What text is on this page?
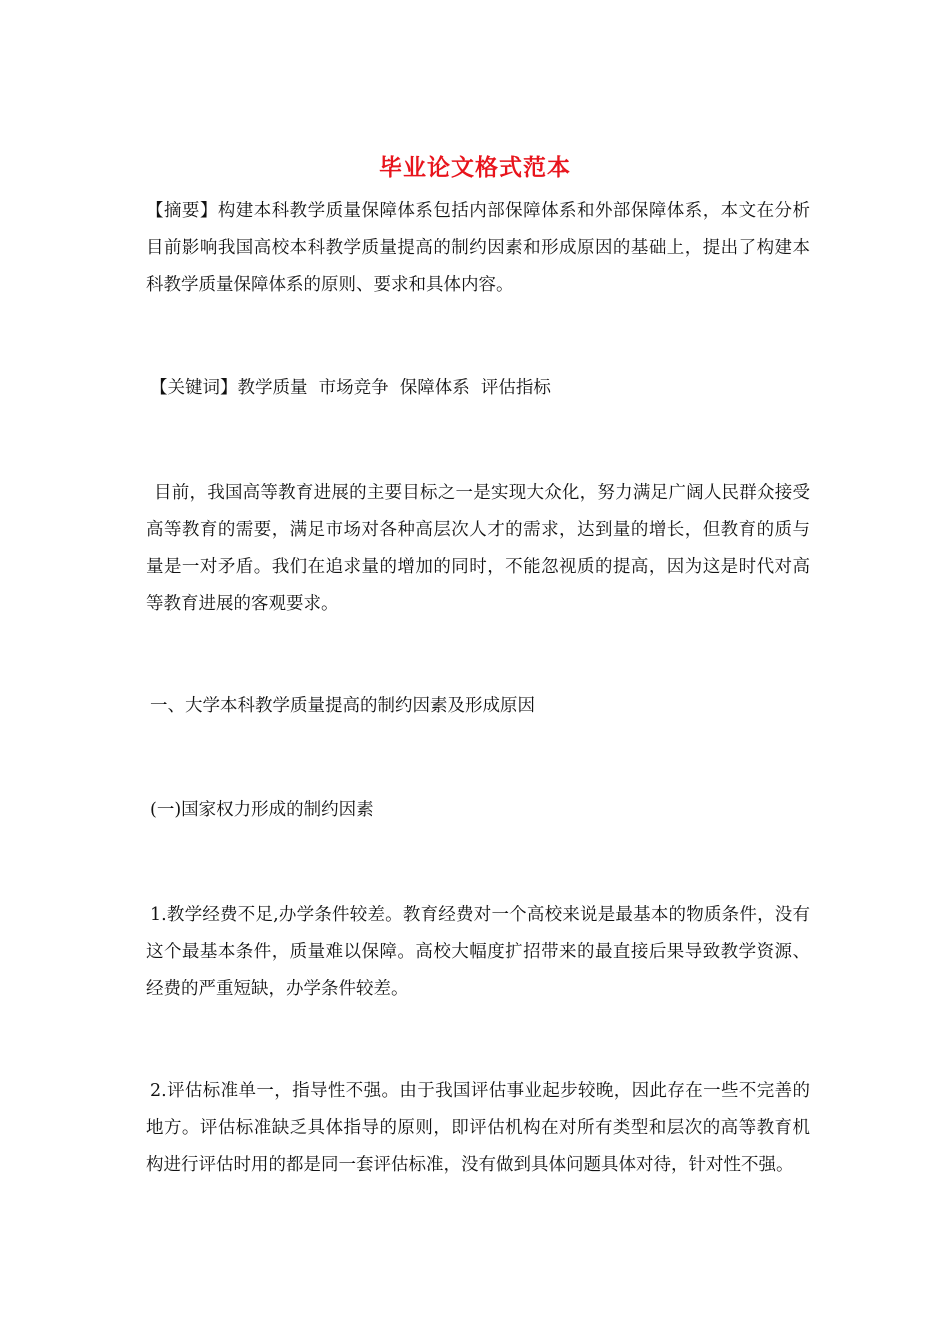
毕业论文格式范本
【摘要】构建本科教学质量保障体系包括内部保障体系和外部保障体系，本文在分析目前影响我国高校本科教学质量提高的制约因素和形成原因的基础上，提出了构建本科教学质量保障体系的原则、要求和具体内容。
【关键词】教学质量  市场竞争  保障体系  评估指标
目前，我国高等教育进展的主要目标之一是实现大众化，努力满足广阔人民群众接受高等教育的需要，满足市场对各种高层次人才的需求，达到量的增长，但教育的质与量是一对矛盾。我们在追求量的增加的同时，不能忽视质的提高，因为这是时代对高等教育进展的客观要求。
一、大学本科教学质量提高的制约因素及形成原因
(一)国家权力形成的制约因素
1.教学经费不足,办学条件较差。教育经费对一个高校来说是最基本的物质条件，没有这个最基本条件，质量难以保障。高校大幅度扩招带来的最直接后果导致教学资源、经费的严重短缺，办学条件较差。
2.评估标准单一，指导性不强。由于我国评估事业起步较晚，因此存在一些不完善的地方。评估标准缺乏具体指导的原则，即评估机构在对所有类型和层次的高等教育机构进行评估时用的都是同一套评估标准，没有做到具体问题具体对待，针对性不强。
